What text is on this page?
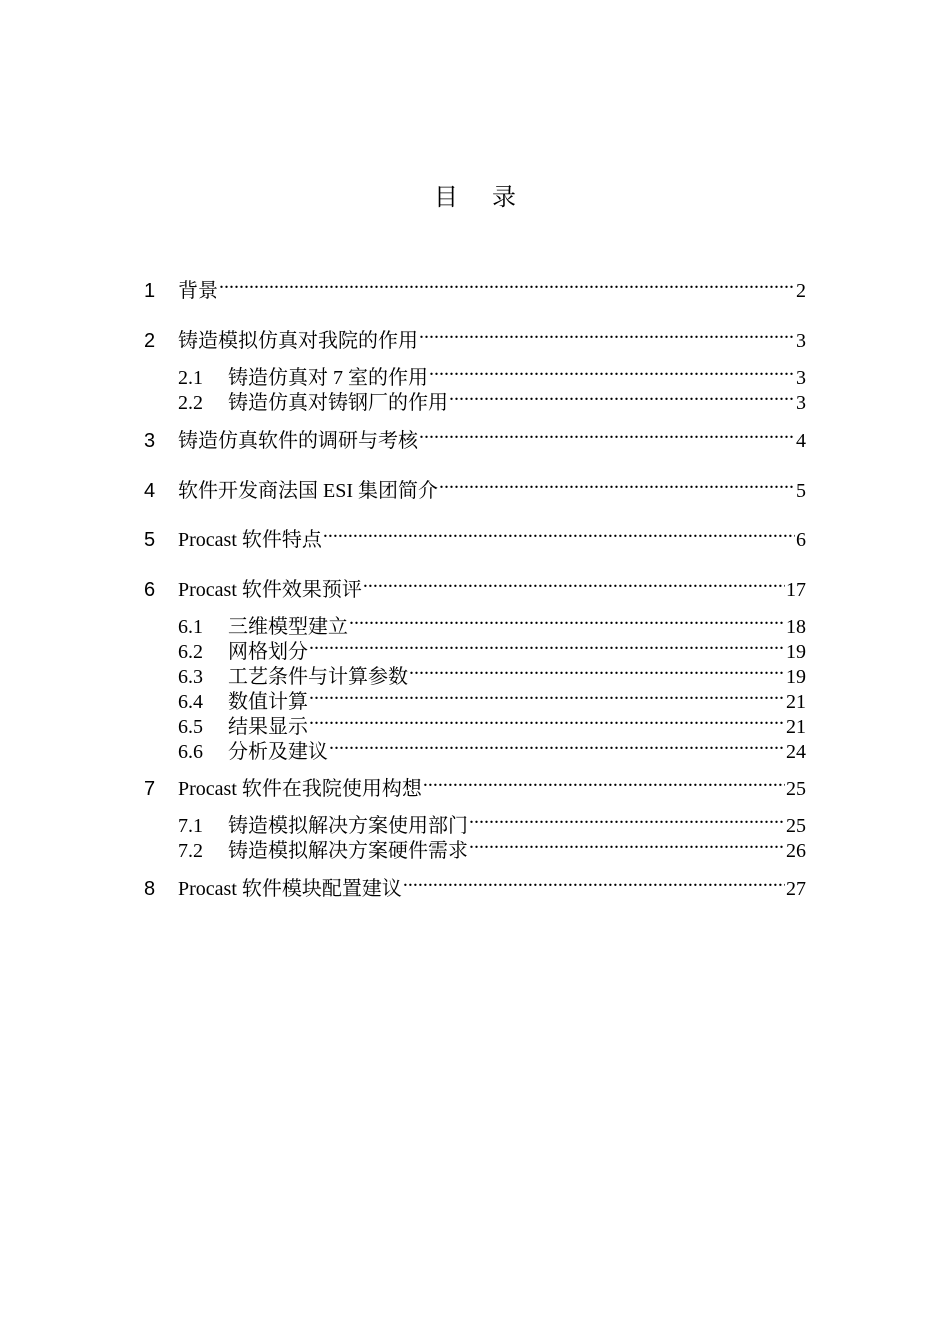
目 录
1	背景 .....	2
2	铸造模拟仿真对我院的作用 .....	3
2.1	铸造仿真对 7 室的作用 .....	3
2.2	铸造仿真对铸钢厂的作用 .....	3
3	铸造仿真软件的调研与考核 .....	4
4	软件开发商法国 ESI 集团简介 .....	5
5	Procast 软件特点 .....	6
6	Procast 软件效果预评 .....	17
6.1	三维模型建立 .....	18
6.2	网格划分 .....	19
6.3	工艺条件与计算参数 .....	19
6.4	数值计算 .....	21
6.5	结果显示 .....	21
6.6	分析及建议 .....	24
7	Procast 软件在我院使用构想 .....	25
7.1	铸造模拟解决方案使用部门 .....	25
7.2	铸造模拟解决方案硬件需求 .....	26
8	Procast 软件模块配置建议 .....	27
